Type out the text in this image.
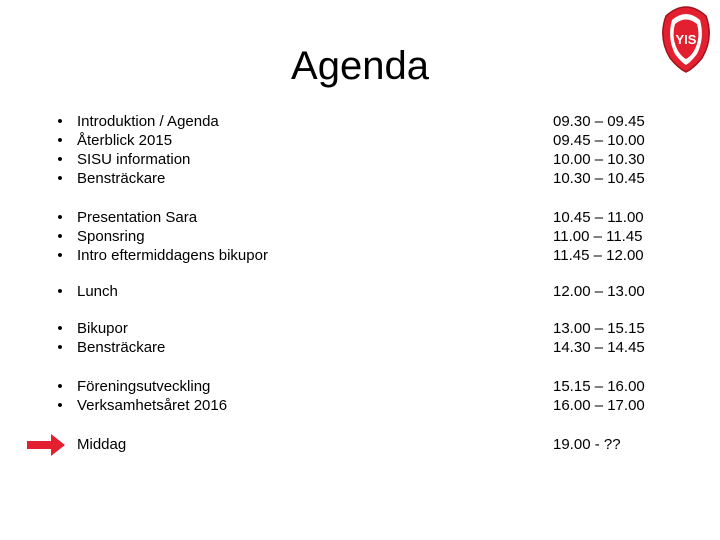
Agenda
YIS
• Introduktion / Agenda	09.30 – 09.45
• Återblick 2015	09.45 – 10.00
• SISU information	10.00 – 10.30
• Bensträckare	10.30 – 10.45
• Presentation Sara	10.45 – 11.00
• Sponsring	11.00 – 11.45
• Intro eftermiddagens bikupor	11.45 – 12.00
• Lunch	12.00 – 13.00
• Bikupor	13.00 – 15.15
• Bensträckare	14.30 – 14.45
• Föreningsutveckling	15.15 – 16.00
• Verksamhetsåret 2016	16.00 – 17.00
Middag	19.00 - ??
